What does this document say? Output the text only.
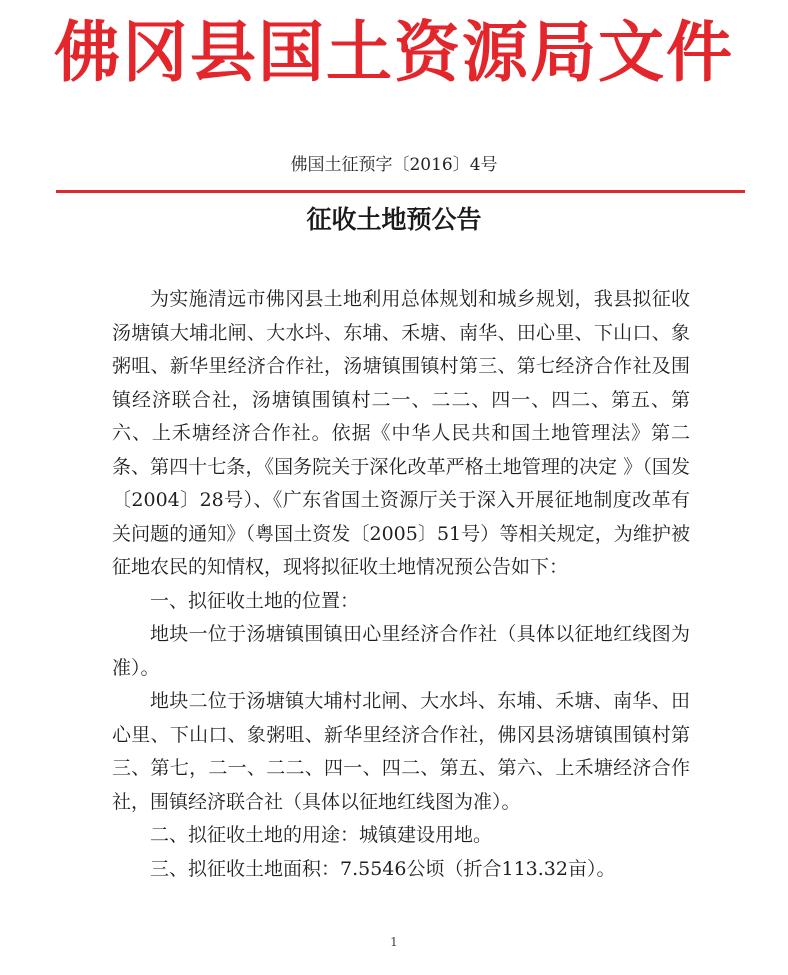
佛冈县国土资源局文件
佛国土征预字〔2016〕4号
征收土地预公告

为实施清远市佛冈县土地利用总体规划和城乡规划，我县拟征收汤塘镇大埔北闸、大水㘰、东埔、禾塘、南华、田心里、下山口、象粥咀、新华里经济合作社，汤塘镇围镇村第三、第七经济合作社及围镇经济联合社，汤塘镇围镇村二一、二二、四一、四二、第五、第六、上禾塘经济合作社。依据《中华人民共和国土地管理法》第二条、第四十七条，《国务院关于深化改革严格土地管理的决定 》（国发〔2004〕28号）、《广东省国土资源厅关于深入开展征地制度改革有关问题的通知》（粤国土资发〔2005〕51号）等相关规定，为维护被征地农民的知情权，现将拟征收土地情况预公告如下：

一、拟征收土地的位置：

地块一位于汤塘镇围镇田心里经济合作社（具体以征地红线图为准）。

地块二位于汤塘镇大埔村北闸、大水㘰、东埔、禾塘、南华、田心里、下山口、象粥咀、新华里经济合作社，佛冈县汤塘镇围镇村第三、第七，二一、二二、四一、四二、第五、第六、上禾塘经济合作社，围镇经济联合社（具体以征地红线图为准）。

二、拟征收土地的用途：城镇建设用地。

三、拟征收土地面积：7.5546公顷（折合113.32亩）。

1
